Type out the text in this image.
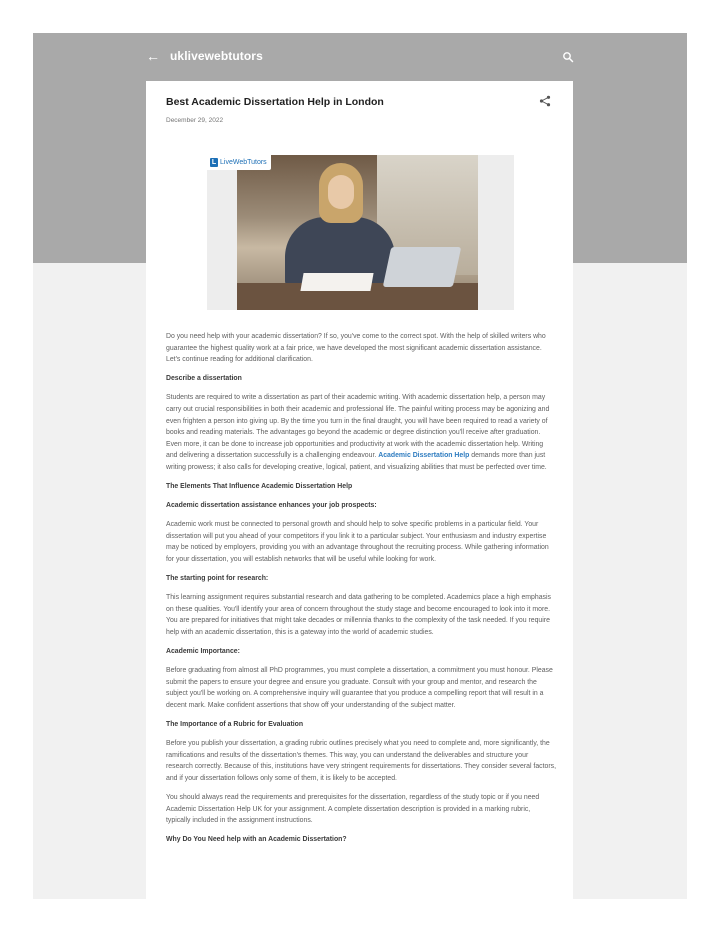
← uklivewebtutors
Best Academic Dissertation Help in London
December 29, 2022
L LiveWebTutors

Do you need help with your academic dissertation? If so, you've come to the correct spot. With the help of skilled writers who guarantee the highest quality work at a fair price, we have developed the most significant academic dissertation assistance. Let's continue reading for additional clarification.

Describe a dissertation

Students are required to write a dissertation as part of their academic writing. With academic dissertation help, a person may carry out crucial responsibilities in both their academic and professional life. The painful writing process may be agonizing and even frighten a person into giving up. By the time you turn in the final draught, you will have been required to read a variety of books and reading materials. The advantages go beyond the academic or degree distinction you'll receive after graduation. Even more, it can be done to increase job opportunities and productivity at work with the academic dissertation help. Writing and delivering a dissertation successfully is a challenging endeavour. Academic Dissertation Help demands more than just writing prowess; it also calls for developing creative, logical, patient, and visualizing abilities that must be perfected over time.

The Elements That Influence Academic Dissertation Help
Academic dissertation assistance enhances your job prospects:

Academic work must be connected to personal growth and should help to solve specific problems in a particular field. Your dissertation will put you ahead of your competitors if you link it to a particular subject. Your enthusiasm and industry expertise may be noticed by employers, providing you with an advantage throughout the recruiting process. While gathering information for your dissertation, you will establish networks that will be useful while looking for work.

The starting point for research:

This learning assignment requires substantial research and data gathering to be completed. Academics place a high emphasis on these qualities. You'll identify your area of concern throughout the study stage and become encouraged to look into it more. You are prepared for initiatives that might take decades or millennia thanks to the complexity of the task needed. If you require help with an academic dissertation, this is a gateway into the world of academic studies.

Academic Importance:

Before graduating from almost all PhD programmes, you must complete a dissertation, a commitment you must honour. Please submit the papers to ensure your degree and ensure you graduate. Consult with your group and mentor, and research the subject you'll be working on. A comprehensive inquiry will guarantee that you produce a compelling report that will result in a decent mark. Make confident assertions that show off your understanding of the subject matter.

The Importance of a Rubric for Evaluation

Before you publish your dissertation, a grading rubric outlines precisely what you need to complete and, more significantly, the ramifications and results of the dissertation's themes. This way, you can understand the deliverables and structure your research correctly. Because of this, institutions have very stringent requirements for dissertations. They consider several factors, and if your dissertation follows only some of them, it is likely to be accepted.

You should always read the requirements and prerequisites for the dissertation, regardless of the study topic or if you need Academic Dissertation Help UK for your assignment. A complete dissertation description is provided in a marking rubric, typically included in the assignment instructions.

Why Do You Need help with an Academic Dissertation?
